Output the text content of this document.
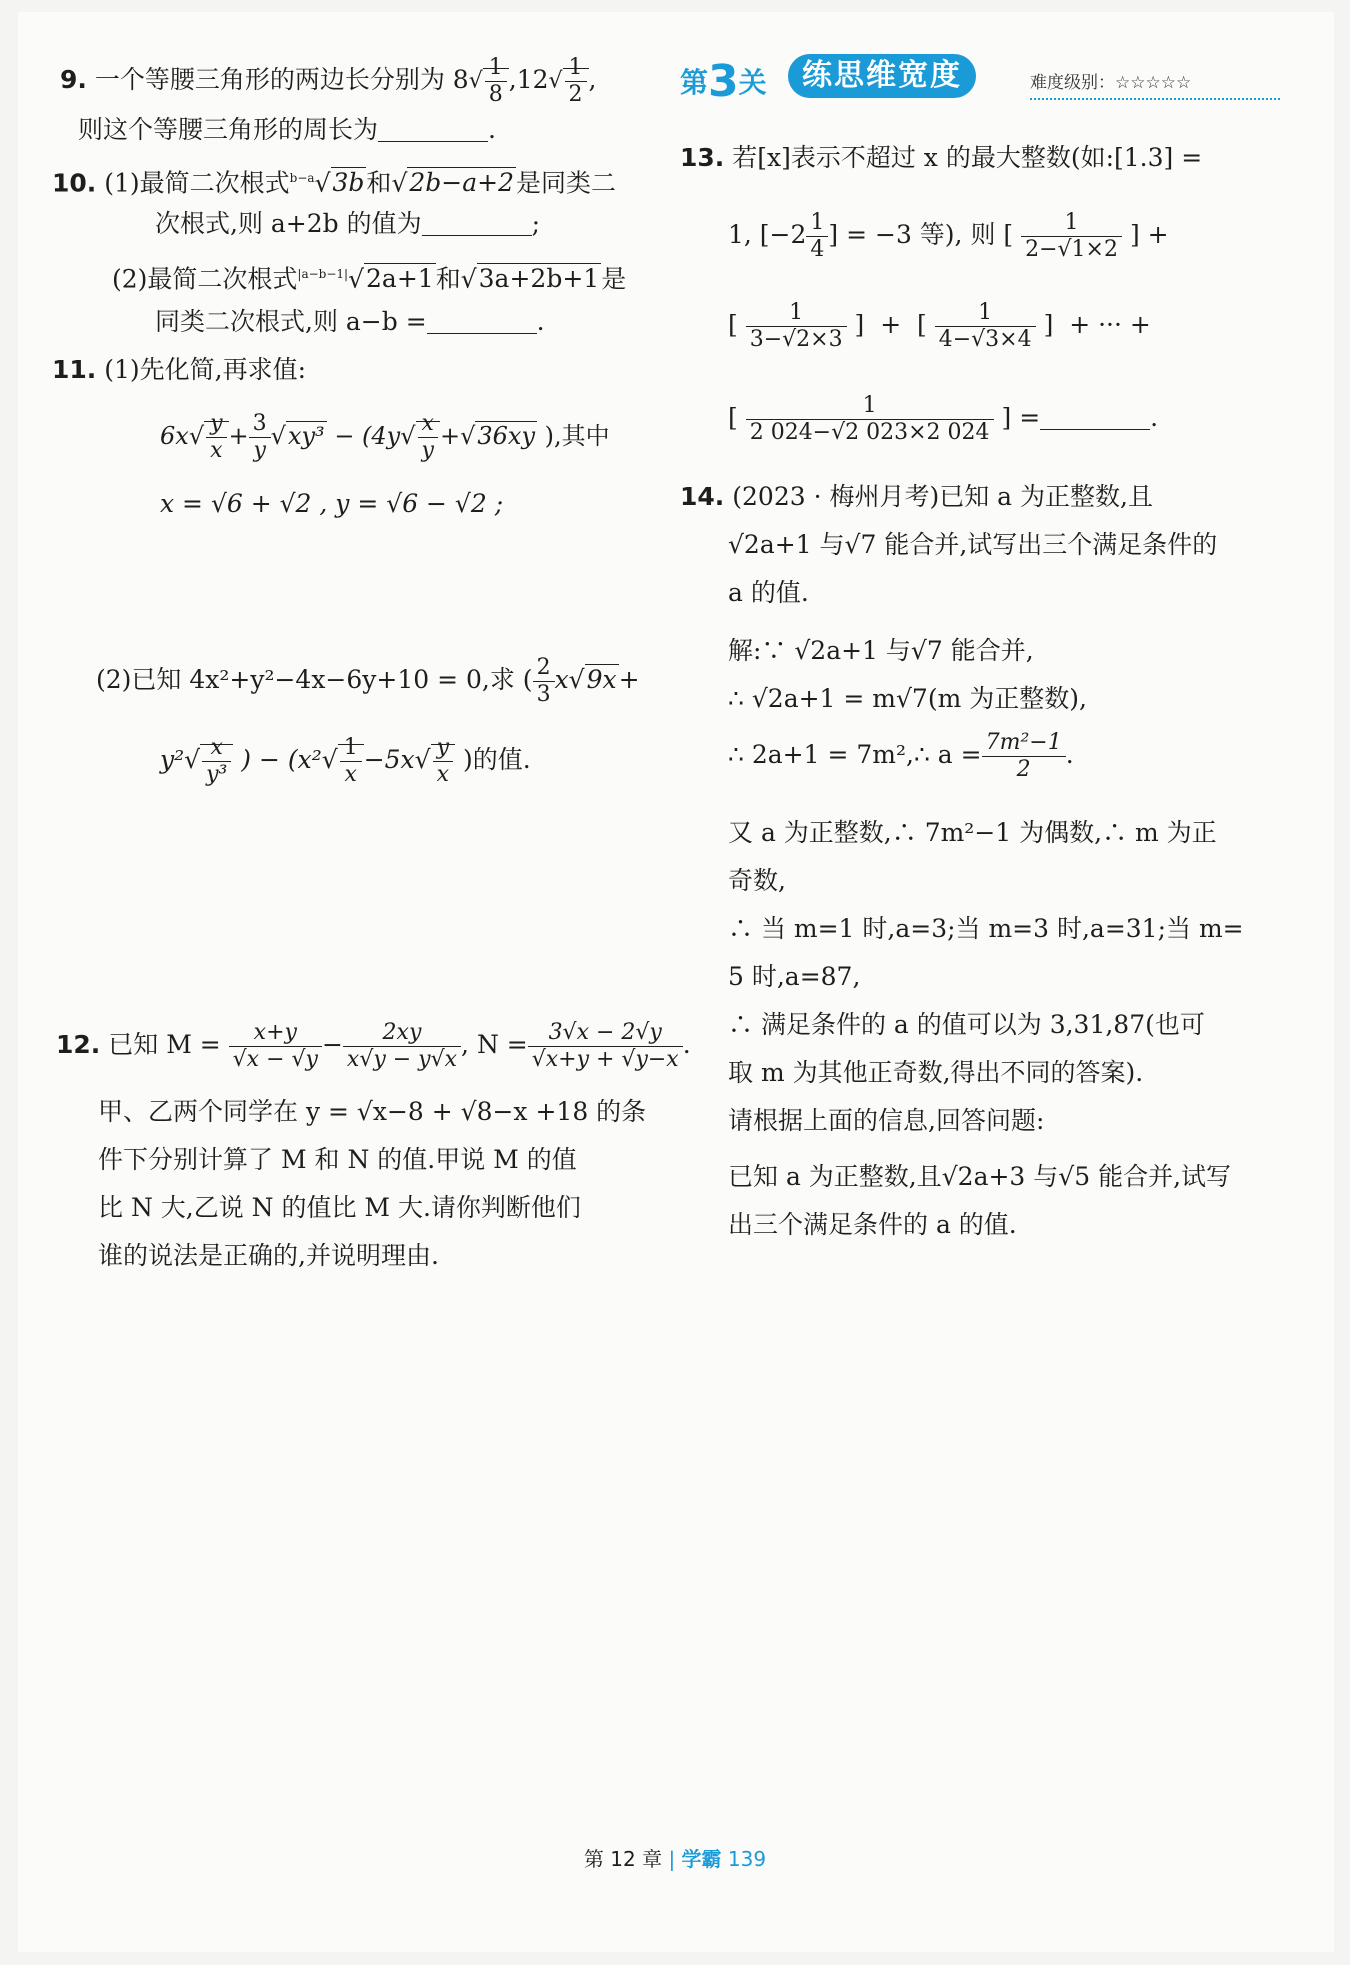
9. 一个等腰三角形的两边长分别为 $8√ \frac{1}{8} ,12√ \frac{1}{2}$ ,
则这个等腰三角形的周长为	.
10. (1)最简二次根式$^{b-a}$√3b和√2b−a+2是同类二
次根式,则 a+2b 的值为	;
(2)最简二次根式$^{|a-b-1|}$√2a+1和√3a+2b+1是
同类二次根式,则 a−b =	.
11. (1)先化简,再求值:
$6x√ \frac{y}{x} + \frac{3}{y} √xy^3 - (4y√ \frac{x}{y} +√36xy$ ),其中
x = √6 + √2 , y = √6 − √2 ;
(2)已知 4x²+y²−4x−6y+10 = 0,求 ( $\frac{2}{3} x√9x+$
$y^2√ \frac{x}{\text{y³}}$ ) − ($x^2√ \frac{1}{x} -5x√ \frac{y}{x}$ )的值.
12. 已知 $M = \frac{x+y}{√x - √y} - \frac{2xy}{x√y - y√x}$ , $N = \frac{3√x - 2√y}{√x+y + √y-x}$ .
甲、乙两个同学在 y = √x−8 + √8−x +18 的条
件下分别计算了 M 和 N 的值.甲说 M 的值
比 N 大,乙说 N 的值比 M 大.请你判断他们
谁的说法是正确的,并说明理由.
第3关	练思维宽度	难度级别：☆☆☆☆☆
13. 若[x]表示不超过 x 的最大整数(如:[1.3] =
1, [$-2 \frac{1}{4}$ ] = −3 等), 则 [ $\frac{1}{2-√1\times 2}$ ] +
[ $\frac{1}{3-√2\times 3}$ ]  +  [ $\frac{1}{4-√3\times 4}$ ]  + ··· +
[ $\frac{1}{2 024-√2 023\times 2 024}$ ] =	.
14. (2023 · 梅州月考)已知 a 为正整数,且
√2a+1 与√7 能合并,试写出三个满足条件的
a 的值.
解:∵ √2a+1 与√7 能合并,
∴ √2a+1 = m√7(m 为正整数),
∴ 2a+1 = 7m²,∴ $a = \frac{\text{7m²−1}}{2}$ .
又 a 为正整数,∴ 7m²−1 为偶数,∴ m 为正
奇数,
∴ 当 m=1 时,a=3;当 m=3 时,a=31;当 m=
5 时,a=87,
∴ 满足条件的 a 的值可以为 3,31,87(也可
取 m 为其他正奇数,得出不同的答案).
请根据上面的信息,回答问题:
已知 a 为正整数,且√2a+3 与√5 能合并,试写
出三个满足条件的 a 的值.
第 12 章 | 学霸 139
